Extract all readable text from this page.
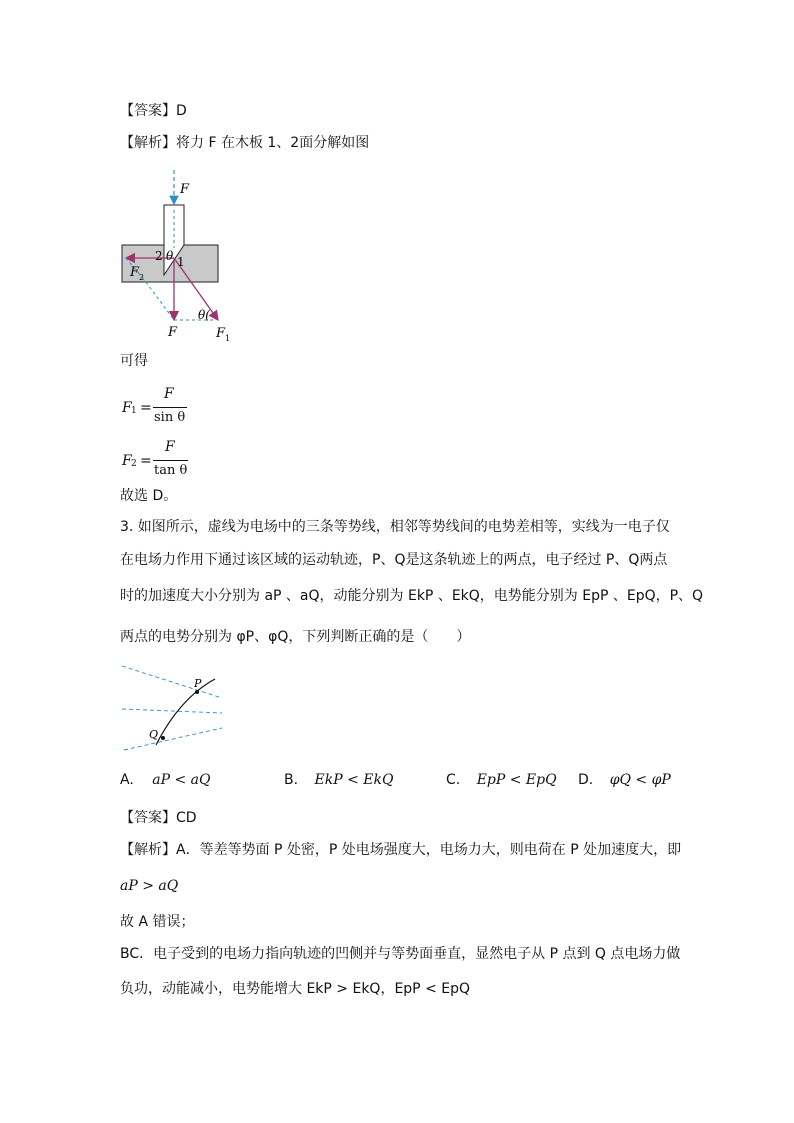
【答案】D
【解析】将力 F 在木板 1、2面分解如图
F
θ
2 1
F 2
F	F 1
θ(
可得
F 1 =
F
sin θ
F 2 =
F
tan θ
故选 D。
3. 如图所示，虚线为电场中的三条等势线，相邻等势线间的电势差相等，实线为一电子仅
在电场力作用下通过该区域的运动轨迹，P、Q是这条轨迹上的两点，电子经过 P、Q两点
时的加速度大小分别为 aP 、aQ，动能分别为 EkP 、EkQ，电势能分别为 EpP 、EpQ，P、Q
两点的电势分别为 φP、φQ，下列判断正确的是（　　）
P
Q
A. aP < aQ	B. EkP < EkQ	C. EpP < EpQ D. φQ < φP
【答案】CD
【解析】A．等差等势面 P 处密，P 处电场强度大，电场力大，则电荷在 P 处加速度大，即
aP > aQ
故 A 错误；
BC．电子受到的电场力指向轨迹的凹侧并与等势面垂直，显然电子从 P 点到 Q 点电场力做
负功，动能减小，电势能增大 EkP > EkQ，EpP < EpQ
